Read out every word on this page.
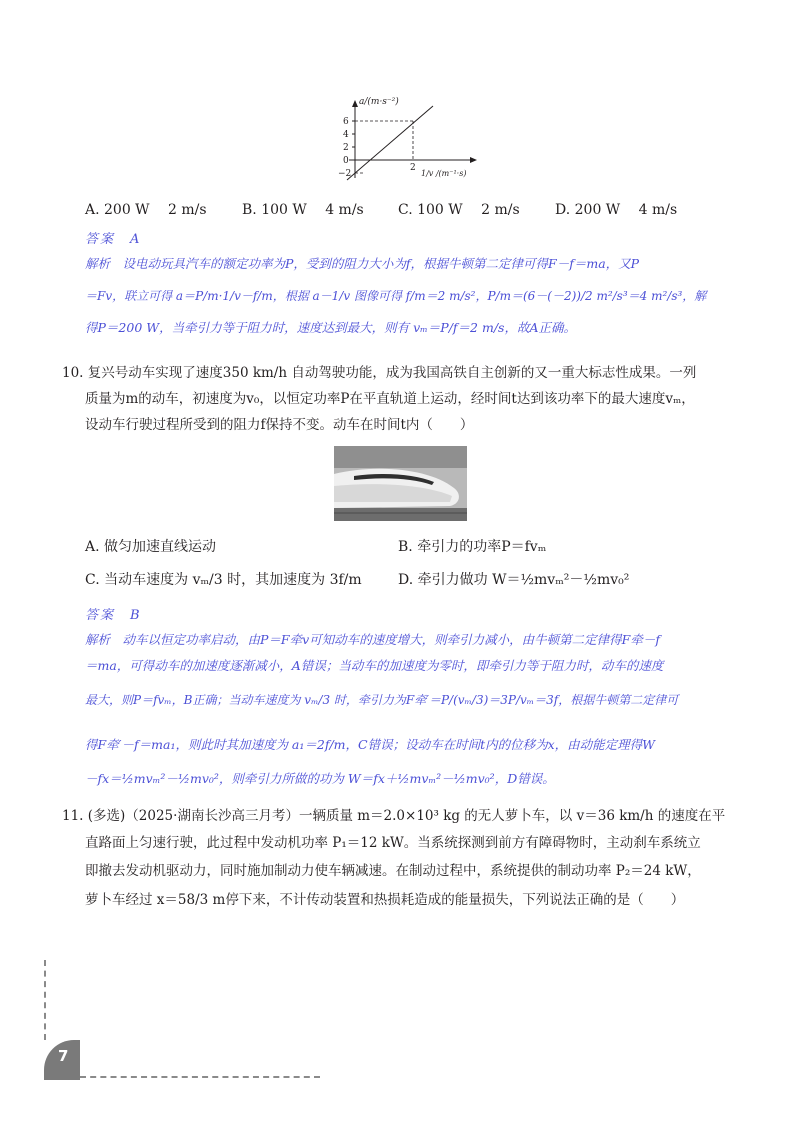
a/(m·s⁻²)
6
4
2
0
−2
2
1/v /(m⁻¹·s)
A. 200 W　 2 m/s	B. 100 W　 4 m/s C. 100 W　 2 m/s	D. 200 W　 4 m/s
答案　A
解析　设电动玩具汽车的额定功率为P，受到的阻力大小为f，根据牛顿第二定律可得F－f＝ma，又P
＝Fv，联立可得 a＝P/m·1/v－f/m，根据 a－1/v 图像可得 f/m＝2 m/s²，P/m＝(6－(－2))/2 m²/s³＝4 m²/s³，解
得P＝200 W，当牵引力等于阻力时，速度达到最大，则有 vₘ＝P/f＝2 m/s，故A正确。
10. 复兴号动车实现了速度350 km/h 自动驾驶功能，成为我国高铁自主创新的又一重大标志性成果。一列
质量为m的动车，初速度为v₀，以恒定功率P在平直轨道上运动，经时间t达到该功率下的最大速度vₘ，
设动车行驶过程所受到的阻力f保持不变。动车在时间t内（　　）
A. 做匀加速直线运动	B. 牵引力的功率P＝fvₘ
C. 当动车速度为 vₘ/3 时，其加速度为 3f/m	D. 牵引力做功 W＝½mvₘ²－½mv₀²
答案　B
解析　动车以恒定功率启动，由P＝F牵v可知动车的速度增大，则牵引力减小，由牛顿第二定律得F牵－f
＝ma，可得动车的加速度逐渐减小，A错误；当动车的加速度为零时，即牵引力等于阻力时，动车的速度
最大，则P＝fvₘ，B正确；当动车速度为 vₘ/3 时，牵引力为F牵′＝P/(vₘ/3)＝3P/vₘ＝3f，根据牛顿第二定律可
得F牵′－f＝ma₁，则此时其加速度为 a₁＝2f/m，C错误；设动车在时间t内的位移为x，由动能定理得W
－fx＝½mvₘ²－½mv₀²，则牵引力所做的功为 W＝fx＋½mvₘ²－½mv₀²，D错误。
11. (多选)（2025·湖南长沙高三月考）一辆质量 m＝2.0×10³ kg 的无人萝卜车，以 v＝36 km/h 的速度在平
直路面上匀速行驶，此过程中发动机功率 P₁＝12 kW。当系统探测到前方有障碍物时，主动刹车系统立
即撤去发动机驱动力，同时施加制动力使车辆减速。在制动过程中，系统提供的制动功率 P₂＝24 kW，
萝卜车经过 x＝58/3 m停下来，不计传动装置和热损耗造成的能量损失，下列说法正确的是（　　）
7
